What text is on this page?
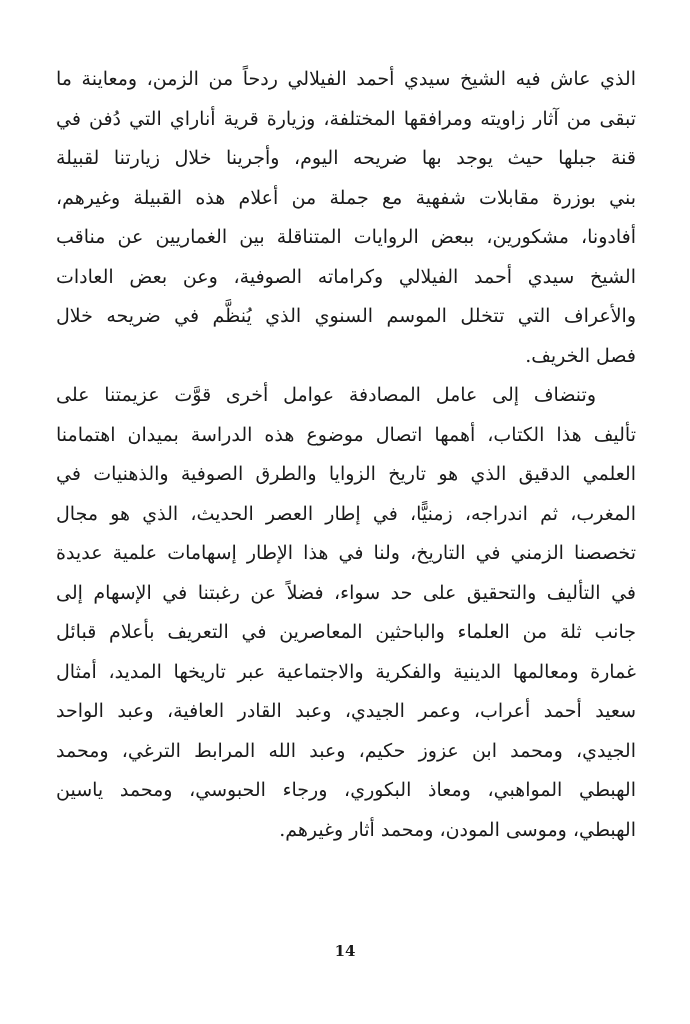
الذي عاش فيه الشيخ سيدي أحمد الفيلالي ردحاً من الزمن، ومعاينة ما
تبقى من آثار زاويته ومرافقها المختلفة، وزيارة قرية أناراي التي دُفن في
قنة جبلها حيث يوجد بها ضريحه اليوم، وأجرينا خلال زيارتنا لقبيلة
بني بوزرة مقابلات شفهية مع جملة من أعلام هذه القبيلة وغيرهم،
أفادونا، مشكورين، ببعض الروايات المتناقلة بين الغماريين عن مناقب
الشيخ سيدي أحمد الفيلالي وكراماته الصوفية، وعن بعض العادات
والأعراف التي تتخلل الموسم السنوي الذي يُنظَّم في ضريحه خلال
فصل الخريف.
وتنضاف إلى عامل المصادفة عوامل أخرى قوَّت عزيمتنا على
تأليف هذا الكتاب، أهمها اتصال موضوع هذه الدراسة بميدان اهتمامنا
العلمي الدقيق الذي هو تاريخ الزوايا والطرق الصوفية والذهنيات في
المغرب، ثم اندراجه، زمنيًّا، في إطار العصر الحديث، الذي هو مجال
تخصصنا الزمني في التاريخ، ولنا في هذا الإطار إسهامات علمية عديدة
في التأليف والتحقيق على حد سواء، فضلاً عن رغبتنا في الإسهام إلى
جانب ثلة من العلماء والباحثين المعاصرين في التعريف بأعلام قبائل
غمارة ومعالمها الدينية والفكرية والاجتماعية عبر تاريخها المديد، أمثال
سعيد أحمد أعراب، وعمر الجيدي، وعبد القادر العافية، وعبد الواحد
الجيدي، ومحمد ابن عزوز حكيم، وعبد الله المرابط الترغي، ومحمد
الهبطي المواهبي، ومعاذ البكوري، ورجاء الحبوسي، ومحمد ياسين
الهبطي، وموسى المودن، ومحمد أثار وغيرهم.
14
